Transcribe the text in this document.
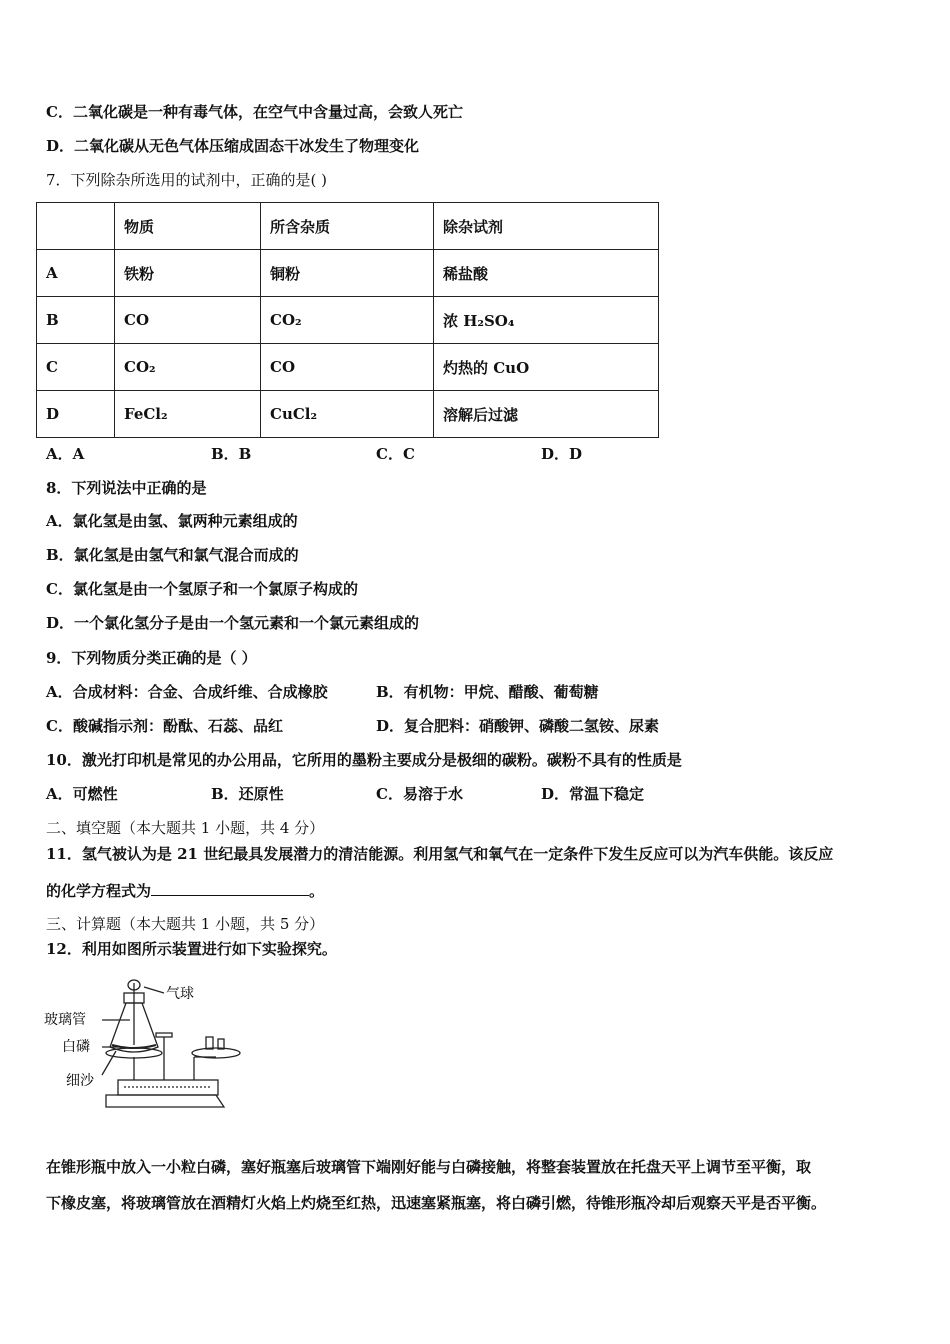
C．二氧化碳是一种有毒气体，在空气中含量过高，会致人死亡
D．二氧化碳从无色气体压缩成固态干冰发生了物理变化
7．下列除杂所选用的试剂中，正确的是( )
	物质	所含杂质	除杂试剂
A	铁粉	铜粉	稀盐酸
B	CO	CO₂	浓 H₂SO₄
C	CO₂	CO	灼热的 CuO
D	FeCl₂	CuCl₂	溶解后过滤
A．A	B．B	C．C	D．D
8．下列说法中正确的是
A．氯化氢是由氢、氯两种元素组成的
B．氯化氢是由氢气和氯气混合而成的
C．氯化氢是由一个氢原子和一个氯原子构成的
D．一个氯化氢分子是由一个氢元素和一个氯元素组成的
9．下列物质分类正确的是（ ）
A．合成材料：合金、合成纤维、合成橡胶	B．有机物：甲烷、醋酸、葡萄糖
C．酸碱指示剂：酚酞、石蕊、品红	D．复合肥料：硝酸钾、磷酸二氢铵、尿素
10．激光打印机是常见的办公用品，它所用的墨粉主要成分是极细的碳粉。碳粉不具有的性质是
A．可燃性	B．还原性	C．易溶于水	D．常温下稳定
二、填空题（本大题共 1 小题，共 4 分）
11．氢气被认为是 21 世纪最具发展潜力的清洁能源。利用氢气和氧气在一定条件下发生反应可以为汽车供能。该反应
的化学方程式为	。
三、计算题（本大题共 1 小题，共 5 分）
12．利用如图所示装置进行如下实验探究。
气球
玻璃管
白磷
细沙
在锥形瓶中放入一小粒白磷，塞好瓶塞后玻璃管下端刚好能与白磷接触，将整套装置放在托盘天平上调节至平衡，取
下橡皮塞，将玻璃管放在酒精灯火焰上灼烧至红热，迅速塞紧瓶塞，将白磷引燃，待锥形瓶冷却后观察天平是否平衡。
